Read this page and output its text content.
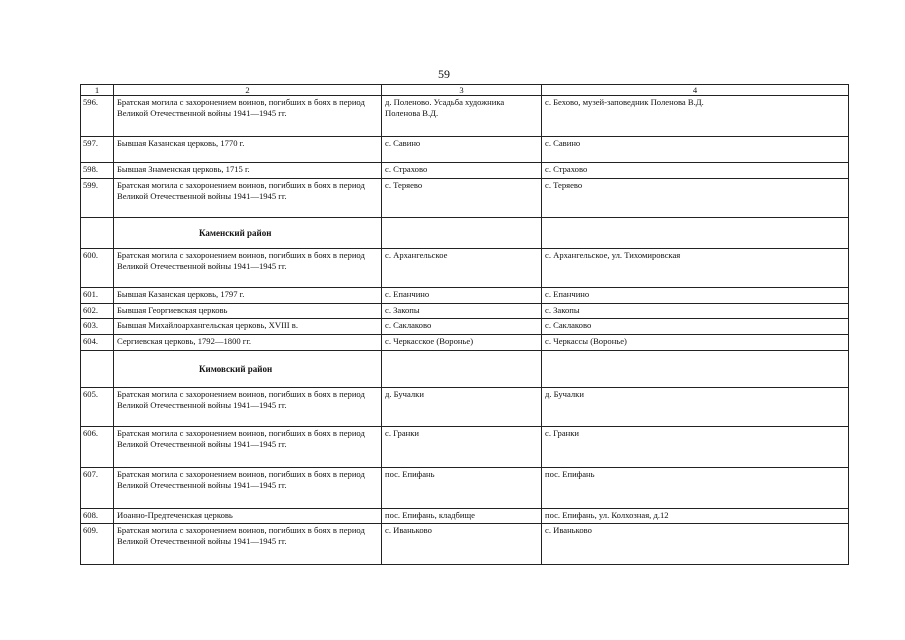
59
1	2	3	4
596.	Братская могила с захоронением воинов, погибших в боях в период Великой Отечественной войны 1941—1945 гг.	д. Поленово. Усадьба художника Поленова В.Д.	с. Бехово, музей-заповедник Поленова В.Д.
597.	Бывшая Казанская церковь, 1770 г.	с. Савино	с. Савино
598.	Бывшая Знаменская церковь, 1715 г.	с. Страхово	с. Страхово
599.	Братская могила с захоронением воинов, погибших в боях в период Великой Отечественной войны 1941—1945 гг.	с. Теряево	с. Теряево
	Каменский район		
600.	Братская могила с захоронением воинов, погибших в боях в период Великой Отечественной войны 1941—1945 гг.	с. Архангельское	с. Архангельское, ул. Тихомировская
601.	Бывшая Казанская церковь, 1797 г.	с. Епанчино	с. Епанчино
602.	Бывшая Георгиевская церковь	с. Закопы	с. Закопы
603.	Бывшая Михайлоархангельская церковь, XVIII в.	с. Саклаково	с. Саклаково
604.	Сергиевская церковь, 1792—1800 гг.	с. Черкасское (Воронье)	с. Черкассы (Воронье)
	Кимовский район		
605.	Братская могила с захоронением воинов, погибших в боях в период Великой Отечественной войны 1941—1945 гг.	д. Бучалки	д. Бучалки
606.	Братская могила с захоронением воинов, погибших в боях в период Великой Отечественной войны 1941—1945 гг.	с. Гранки	с. Гранки
607.	Братская могила с захоронением воинов, погибших в боях в период Великой Отечественной войны 1941—1945 гг.	пос. Епифань	пос. Епифань
608.	Иоанно-Предтеченская церковь	пос. Епифань, кладбище	пос. Епифань, ул. Колхозная, д.12
609.	Братская могила с захоронением воинов, погибших в боях в период Великой Отечественной войны 1941—1945 гг.	с. Иваньково	с. Иваньково
